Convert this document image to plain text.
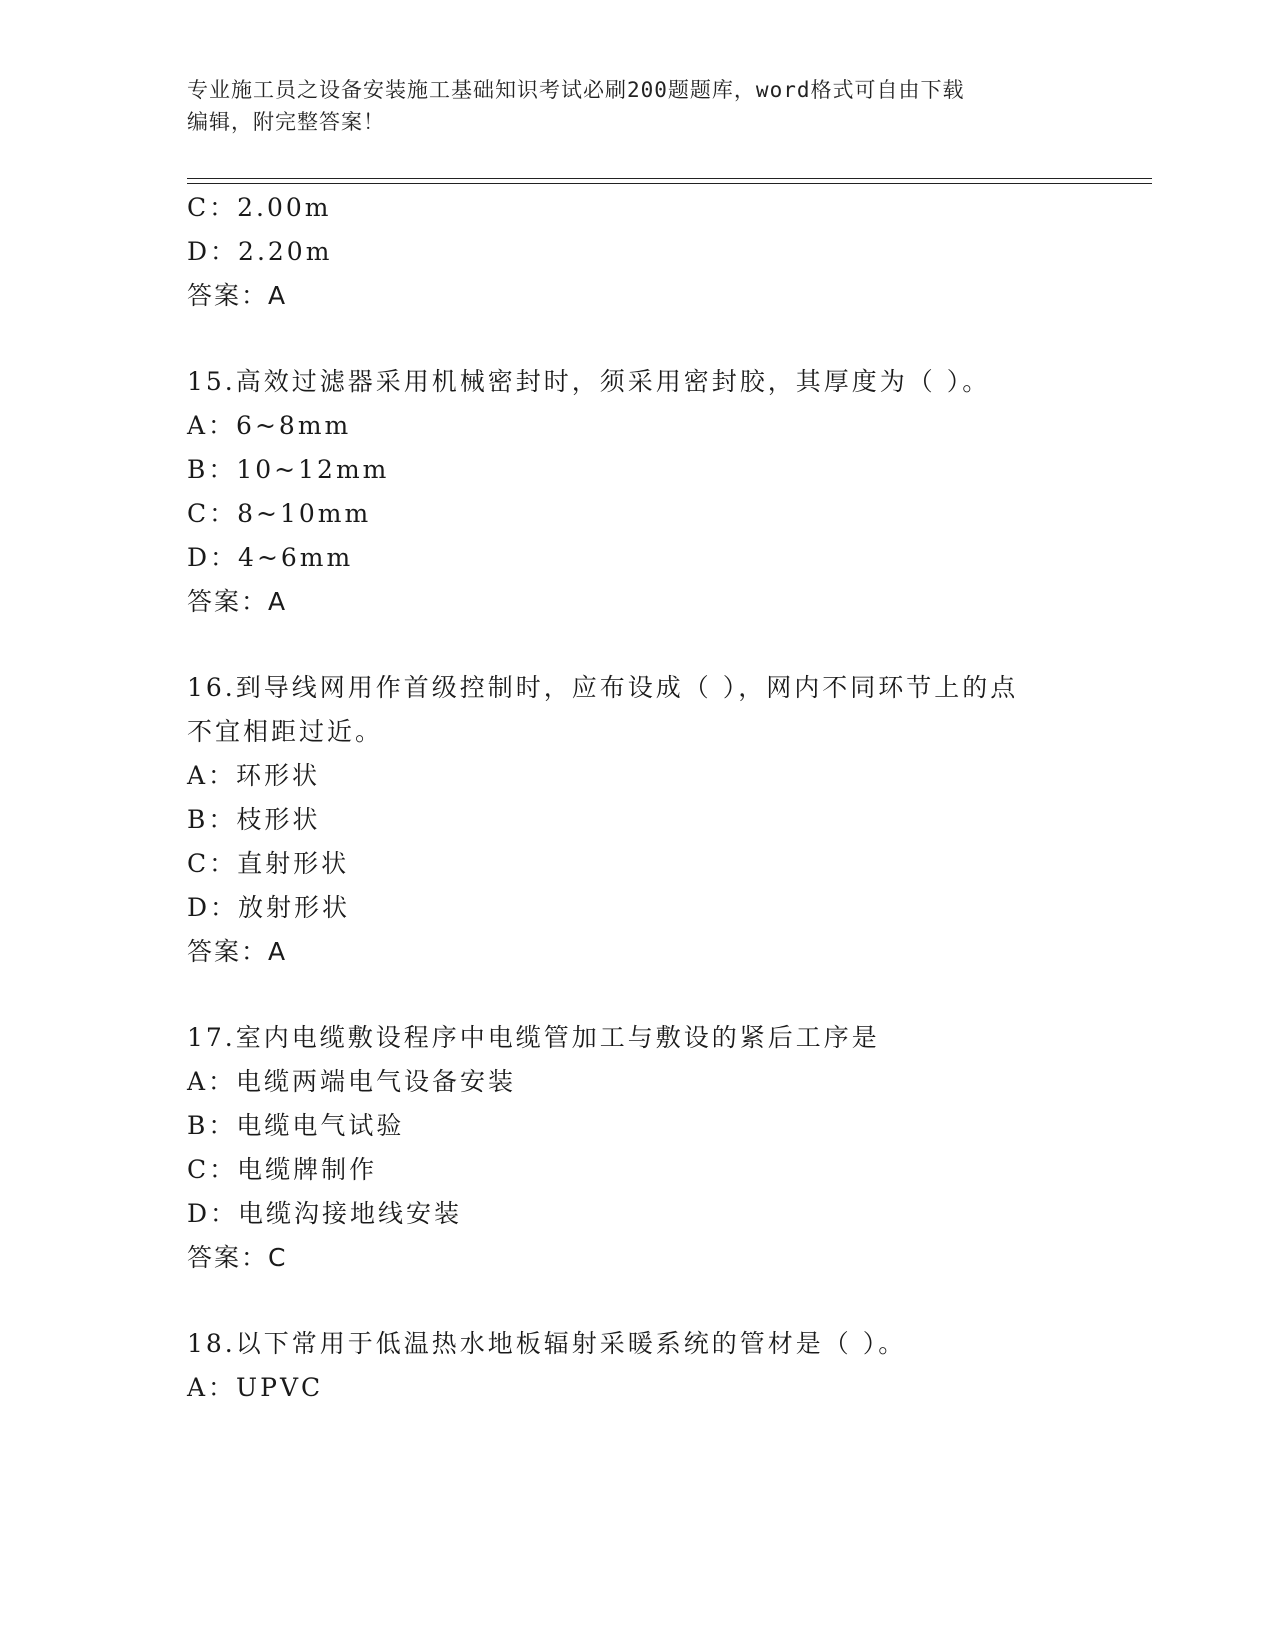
专业施工员之设备安装施工基础知识考试必刷200题题库，word格式可自由下载
编辑，附完整答案！
C：2.00m
D：2.20m
答案：A
15.高效过滤器采用机械密封时，须采用密封胶，其厚度为（ ）。
A：6~8mm
B：10~12mm
C：8~10mm
D：4~6mm
答案：A
16.到导线网用作首级控制时，应布设成（ ），网内不同环节上的点
不宜相距过近。
A：环形状
B：枝形状
C：直射形状
D：放射形状
答案：A
17.室内电缆敷设程序中电缆管加工与敷设的紧后工序是
A：电缆两端电气设备安装
B：电缆电气试验
C：电缆牌制作
D：电缆沟接地线安装
答案：C
18.以下常用于低温热水地板辐射采暖系统的管材是（ ）。
A：UPVC
